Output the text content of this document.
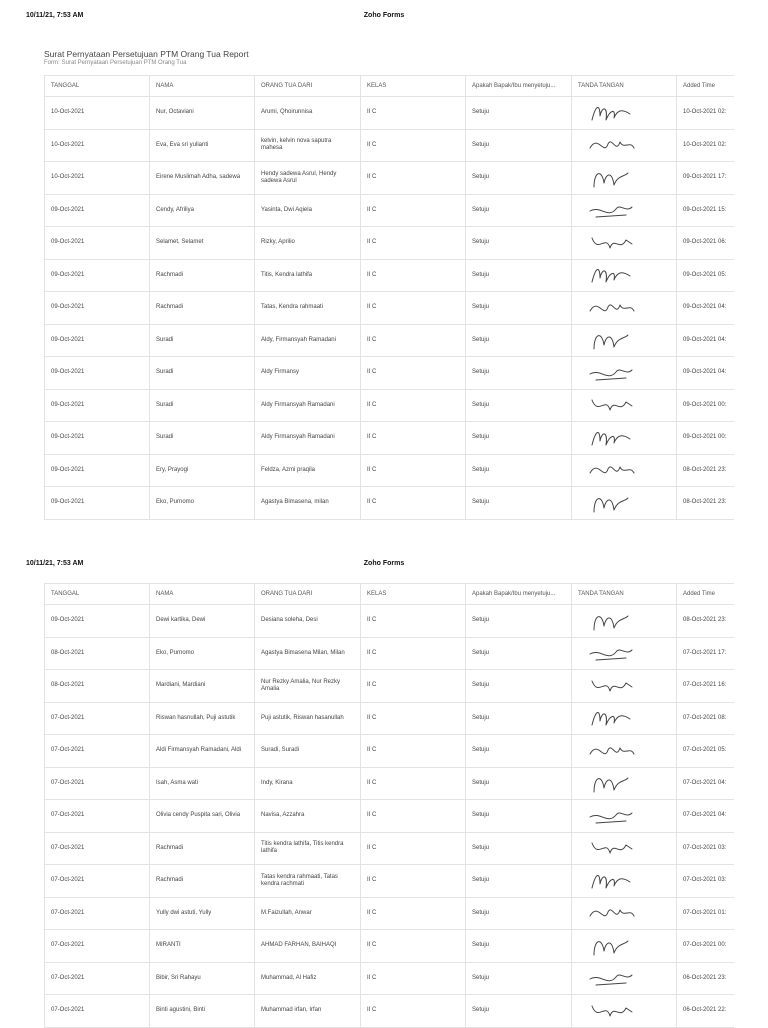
Zoho Forms
10/11/21, 7:53 AM
Surat Pernyataan Persetujuan PTM Orang Tua Report
Form: Surat Pernyataan Persetujuan PTM Orang Tua
TANGGAL	NAMA	ORANG TUA DARI	KELAS	Apakah Bapak/Ibu menyetuju...	TANDA TANGAN	Added Time
10-Oct-2021	Nur, Octaviani	Arumi, Qhoirunnisa	II C	Setuju		10-Oct-2021 02:
10-Oct-2021	Eva, Eva sri yulianti	kelvin, kelvin nova saputra mahesa	II C	Setuju		10-Oct-2021 02:
10-Oct-2021	Eirene Muslimah Adha, sadewa	Hendy sadewa Asrul, Hendy sadewa Asrul	II C	Setuju		09-Oct-2021 17:
09-Oct-2021	Cendy, Afriliya	Yasinta, Dwi Aqiela	II C	Setuju		09-Oct-2021 15:
09-Oct-2021	Selamet, Selamet	Rizky, Aprilio	II C	Setuju		09-Oct-2021 06:
09-Oct-2021	Rachmadi	Titis, Kendra lathifa	II C	Setuju		09-Oct-2021 05:
09-Oct-2021	Rachmadi	Tatas, Kendra rahmaati	II C	Setuju		09-Oct-2021 04:
09-Oct-2021	Suradi	Aldy, Firmansyah Ramadani	II C	Setuju		09-Oct-2021 04:
09-Oct-2021	Suradi	Aldy Firmansy	II C	Setuju		09-Oct-2021 04:
09-Oct-2021	Suradi	Aldy Firmansyah Ramadani	II C	Setuju		09-Oct-2021 00:
09-Oct-2021	Suradi	Aldy Firmansyah Ramadani	II C	Setuju		09-Oct-2021 00:
09-Oct-2021	Ery, Prayogi	Feldza, Azmi praqila	II C	Setuju		08-Oct-2021 23:
09-Oct-2021	Eko, Purnomo	Agastya Bimasena, milan	II C	Setuju		08-Oct-2021 23:
Zoho Forms
10/11/21, 7:53 AM
TANGGAL	NAMA	ORANG TUA DARI	KELAS	Apakah Bapak/Ibu menyetuju...	TANDA TANGAN	Added Time
09-Oct-2021	Dewi kartika, Dewi	Desiana soleha, Desi	II C	Setuju		08-Oct-2021 23:
08-Oct-2021	Eko, Purnomo	Agastya Bimasena Milan, Milan	II C	Setuju		07-Oct-2021 17:
08-Oct-2021	Mardiani, Mardiani	Nur Rezky Amalia, Nur Rezky Amalia	II C	Setuju		07-Oct-2021 16:
07-Oct-2021	Riswan hasnullah, Puji astutik	Puji astutik, Riswan hasanullah	II C	Setuju		07-Oct-2021 08:
07-Oct-2021	Aldi Firmansyah Ramadani, Aldi	Suradi, Suradi	II C	Setuju		07-Oct-2021 05:
07-Oct-2021	Isah, Asma wati	Indy, Kirana	II C	Setuju		07-Oct-2021 04:
07-Oct-2021	Olivia cendy Puspita sari, Olivia	Navisa, Azzahra	II C	Setuju		07-Oct-2021 04:
07-Oct-2021	Rachmadi	Titis kendra lathifa, Titis kendra lathifa	II C	Setuju		07-Oct-2021 03:
07-Oct-2021	Rachmadi	Tatas kendra rahmaati, Tatas kendra rachmati	II C	Setuju		07-Oct-2021 03:
07-Oct-2021	Yully dwi astuti, Yully	M.Faizullah, Anwar	II C	Setuju		07-Oct-2021 01:
07-Oct-2021	MIRANTI	AHMAD FARHAN, BAIHAQI	II C	Setuju		07-Oct-2021 00:
07-Oct-2021	Bibir, Sri Rahayu	Muhammad, Al Hafiz	II C	Setuju		06-Oct-2021 23:
07-Oct-2021	Binti agustini, Binti	Muhammad irfan, Irfan	II C	Setuju		06-Oct-2021 22:
